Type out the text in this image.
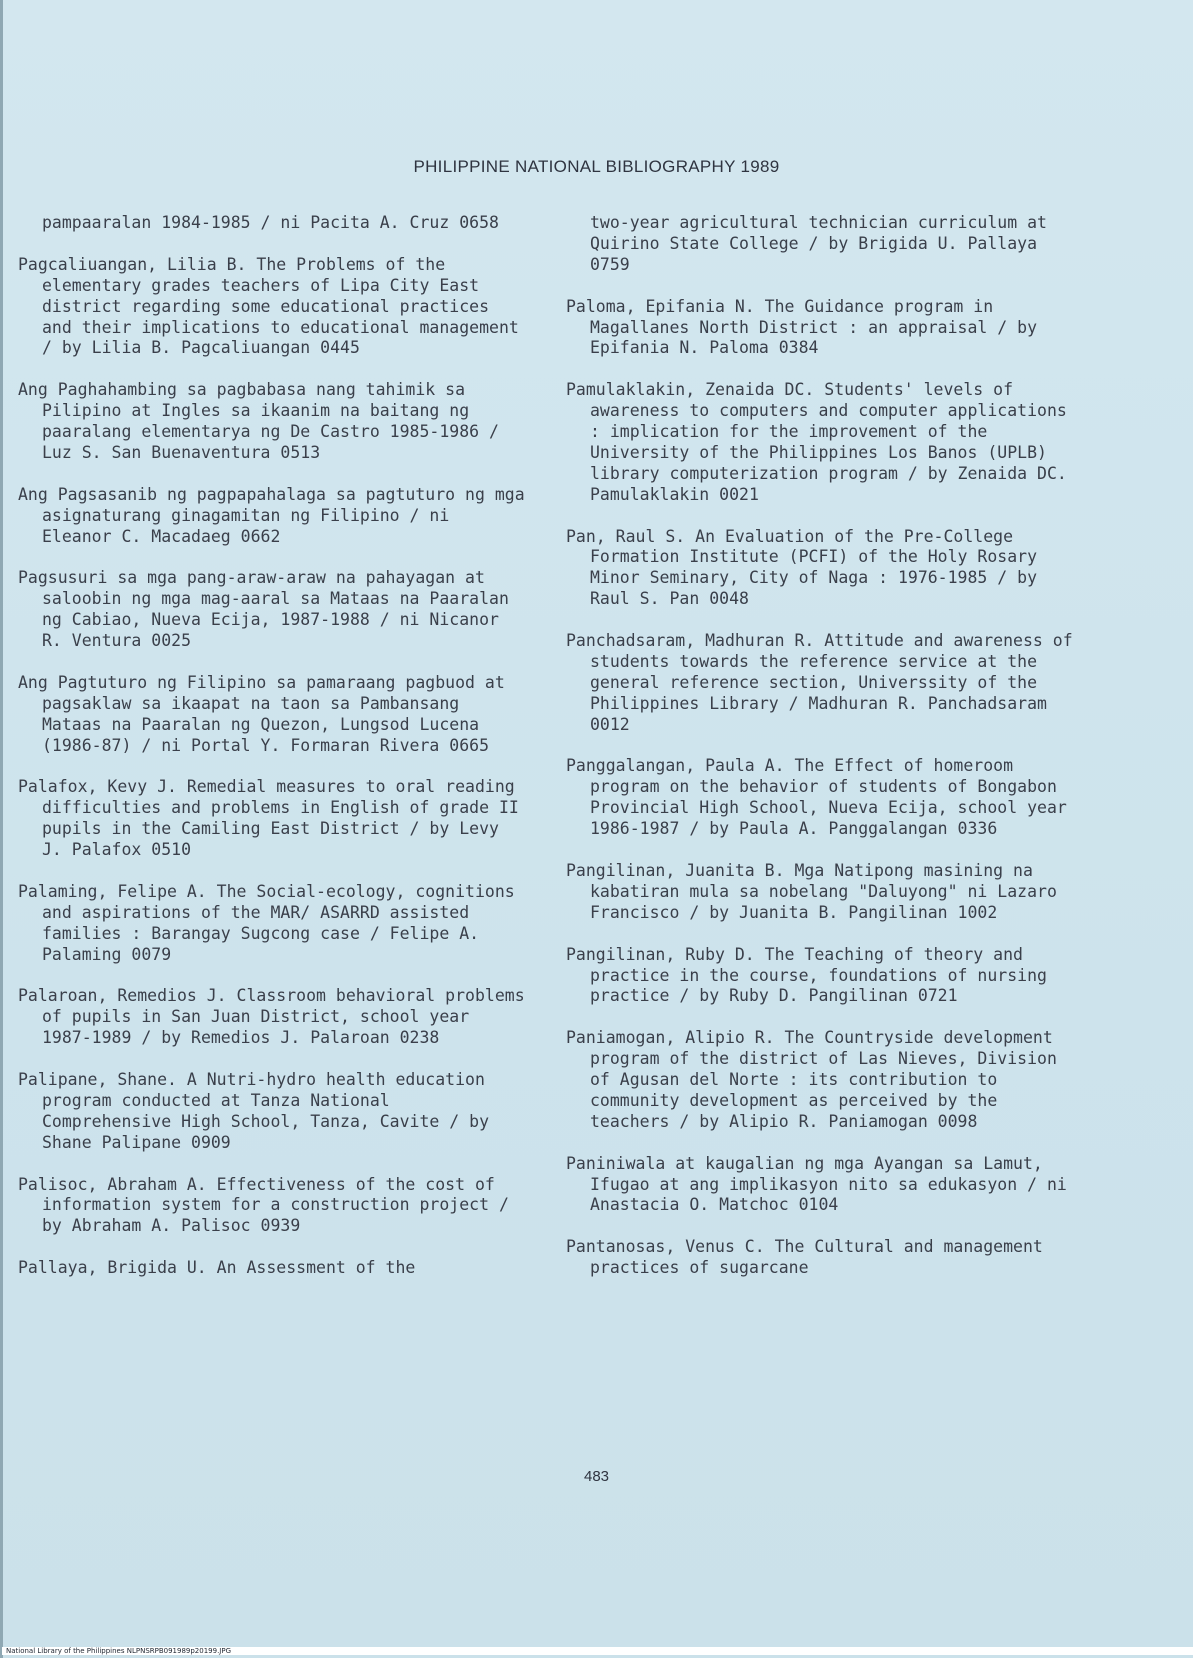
PHILIPPINE NATIONAL BIBLIOGRAPHY 1989
pampaaralan 1984-1985 / ni Pacita A. Cruz 0658
Pagcaliuangan, Lilia B. The Problems of the elementary grades teachers of Lipa City East district regarding some educational practices and their implications to educational management / by Lilia B. Pagcaliuangan 0445
Ang Paghahambing sa pagbabasa nang tahimik sa Pilipino at Ingles sa ikaanim na baitang ng paaralang elementarya ng De Castro 1985-1986 / Luz S. San Buenaventura 0513
Ang Pagsasanib ng pagpapahalaga sa pagtuturo ng mga asignaturang ginagamitan ng Filipino / ni Eleanor C. Macadaeg 0662
Pagsusuri sa mga pang-araw-araw na pahayagan at saloobin ng mga mag-aaral sa Mataas na Paaralan ng Cabiao, Nueva Ecija, 1987-1988 / ni Nicanor R. Ventura 0025
Ang Pagtuturo ng Filipino sa pamaraang pagbuod at pagsaklaw sa ikaapat na taon sa Pambansang Mataas na Paaralan ng Quezon, Lungsod Lucena (1986-87) / ni Portal Y. Formaran Rivera 0665
Palafox, Kevy J. Remedial measures to oral reading difficulties and problems in English of grade II pupils in the Camiling East District / by Levy J. Palafox 0510
Palaming, Felipe A. The Social-ecology, cognitions and aspirations of the MAR/ ASARRD assisted families : Barangay Sugcong case / Felipe A. Palaming 0079
Palaroan, Remedios J. Classroom behavioral problems of pupils in San Juan District, school year 1987-1989 / by Remedios J. Palaroan 0238
Palipane, Shane. A Nutri-hydro health education program conducted at Tanza National Comprehensive High School, Tanza, Cavite / by Shane Palipane 0909
Palisoc, Abraham A. Effectiveness of the cost of information system for a construction project / by Abraham A. Palisoc 0939
Pallaya, Brigida U. An Assessment of the
two-year agricultural technician curriculum at Quirino State College / by Brigida U. Pallaya 0759
Paloma, Epifania N. The Guidance program in Magallanes North District : an appraisal / by Epifania N. Paloma 0384
Pamulaklakin, Zenaida DC. Students' levels of awareness to computers and computer applications : implication for the improvement of the University of the Philippines Los Banos (UPLB) library computerization program / by Zenaida DC. Pamulaklakin 0021
Pan, Raul S. An Evaluation of the Pre-College Formation Institute (PCFI) of the Holy Rosary Minor Seminary, City of Naga : 1976-1985 / by Raul S. Pan 0048
Panchadsaram, Madhuran R. Attitude and awareness of students towards the reference service at the general reference section, Universsity of the Philippines Library / Madhuran R. Panchadsaram 0012
Panggalangan, Paula A. The Effect of homeroom program on the behavior of students of Bongabon Provincial High School, Nueva Ecija, school year 1986-1987 / by Paula A. Panggalangan 0336
Pangilinan, Juanita B. Mga Natipong masining na kabatiran mula sa nobelang "Daluyong" ni Lazaro Francisco / by Juanita B. Pangilinan 1002
Pangilinan, Ruby D. The Teaching of theory and practice in the course, foundations of nursing practice / by Ruby D. Pangilinan 0721
Paniamogan, Alipio R. The Countryside development program of the district of Las Nieves, Division of Agusan del Norte : its contribution to community development as perceived by the teachers / by Alipio R. Paniamogan 0098
Paniniwala at kaugalian ng mga Ayangan sa Lamut, Ifugao at ang implikasyon nito sa edukasyon / ni Anastacia O. Matchoc 0104
Pantanosas, Venus C. The Cultural and management practices of sugarcane
483
National Library of the Philippines NLPNSRPB091989p20199.JPG
